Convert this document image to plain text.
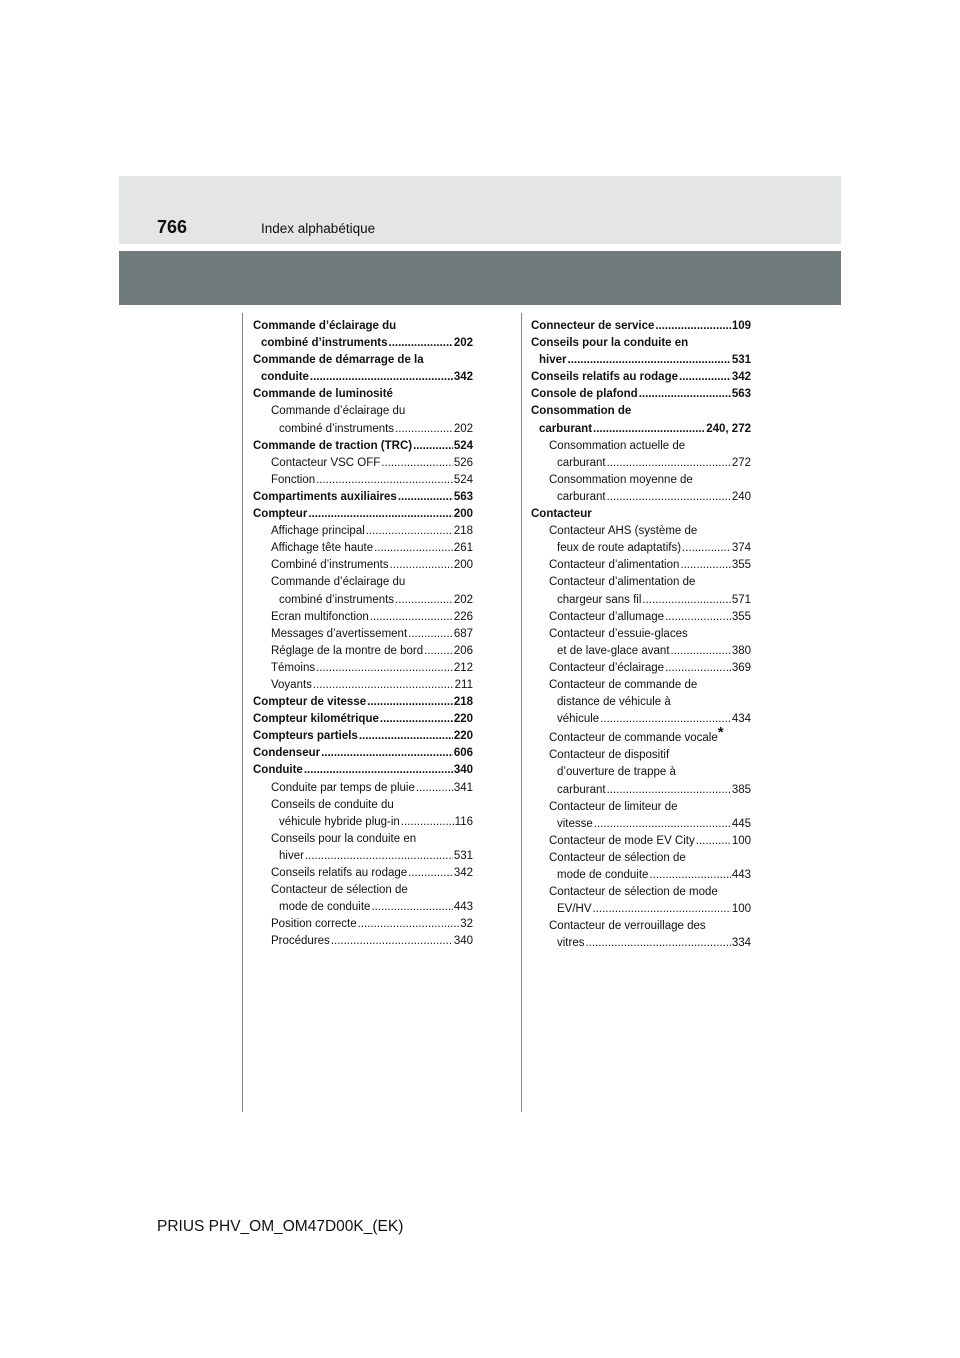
766	Index alphabétique
Commande d’éclairage du
combiné d’instruments . . .	202
Commande de démarrage de la
conduite . . .	342
Commande de luminosité
Commande d’éclairage du
combiné d’instruments . . .	202
Commande de traction (TRC) . . .	524
Contacteur VSC OFF . . .	526
Fonction . . .	524
Compartiments auxiliaires . . .	563
Compteur . . .	200
Affichage principal . . .	218
Affichage tête haute . . .	261
Combiné d’instruments . . .	200
Commande d’éclairage du
combiné d’instruments . . .	202
Ecran multifonction . . .	226
Messages d’avertissement . . .	687
Réglage de la montre de bord . . .	206
Témoins . . .	212
Voyants . . .	211
Compteur de vitesse . . .	218
Compteur kilométrique . . .	220
Compteurs partiels . . .	220
Condenseur . . .	606
Conduite . . .	340
Conduite par temps de pluie . . .	341
Conseils de conduite du
véhicule hybride plug-in . . .	116
Conseils pour la conduite en
hiver . . .	531
Conseils relatifs au rodage . . .	342
Contacteur de sélection de
mode de conduite . . .	443
Position correcte . . .	32
Procédures . . .	340
Connecteur de service . . .	109
Conseils pour la conduite en
hiver . . .	531
Conseils relatifs au rodage . . .	342
Console de plafond . . .	563
Consommation de
carburant . . .	240, 272
Consommation actuelle de
carburant . . .	272
Consommation moyenne de
carburant . . .	240
Contacteur
Contacteur AHS (système de
feux de route adaptatifs) . . .	374
Contacteur d’alimentation . . .	355
Contacteur d’alimentation de
chargeur sans fil . . .	571
Contacteur d’allumage . . .	355
Contacteur d’essuie-glaces
et de lave-glace avant . . .	380
Contacteur d’éclairage . . .	369
Contacteur de commande de
distance de véhicule à
véhicule . . .	434
Contacteur de commande vocale*
Contacteur de dispositif
d’ouverture de trappe à
carburant . . .	385
Contacteur de limiteur de
vitesse . . .	445
Contacteur de mode EV City . . .	100
Contacteur de sélection de
mode de conduite . . .	443
Contacteur de sélection de mode
EV/HV . . .	100
Contacteur de verrouillage des
vitres . . .	334
PRIUS PHV_OM_OM47D00K_(EK)
